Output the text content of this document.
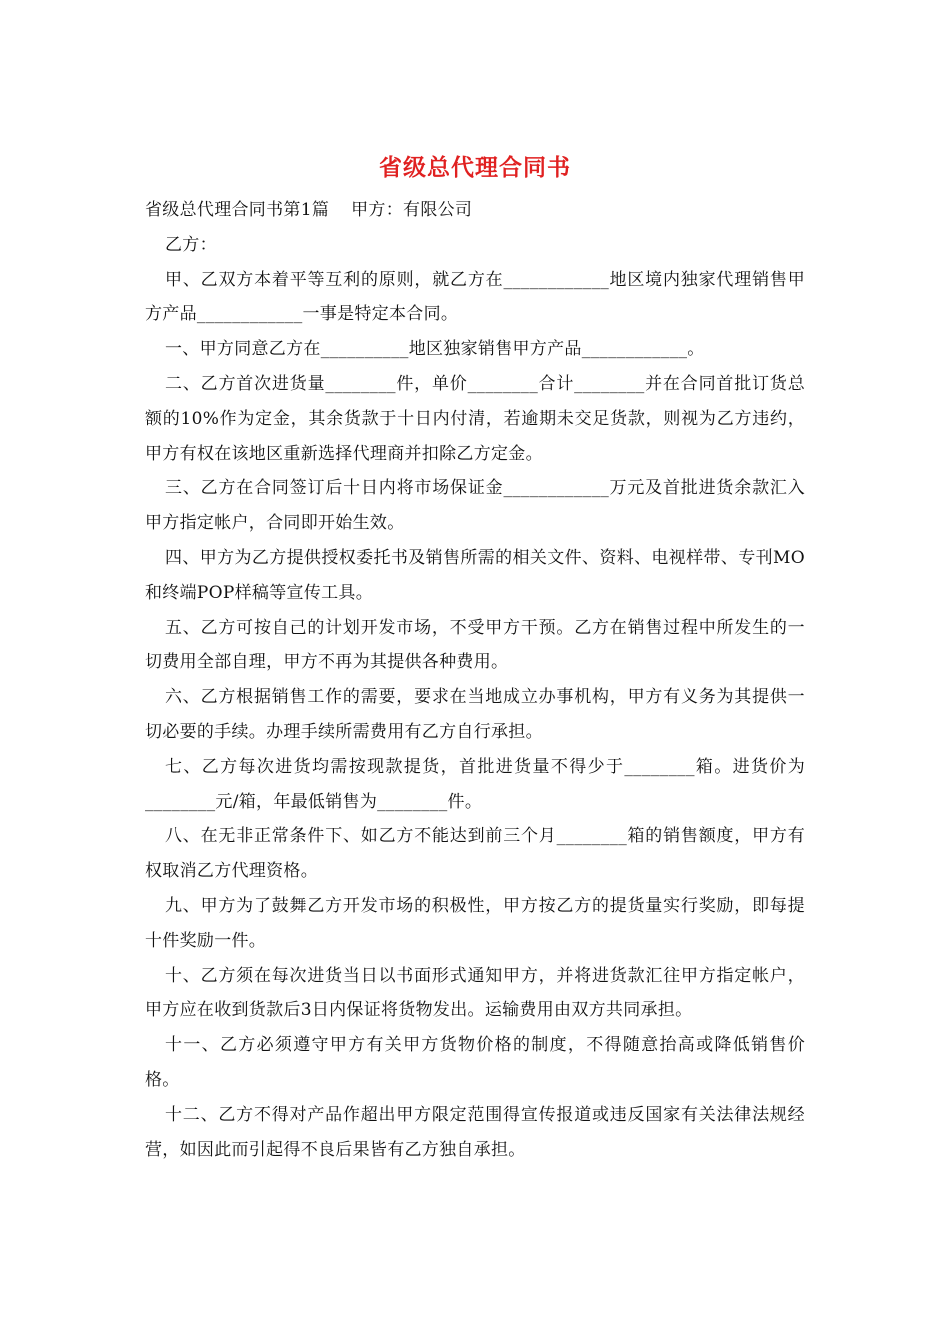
省级总代理合同书

省级总代理合同书第1篇 甲方：有限公司

乙方：

甲、乙双方本着平等互利的原则，就乙方在____________地区境内独家代理销售甲方产品____________一事是特定本合同。

一、甲方同意乙方在__________地区独家销售甲方产品____________。

二、乙方首次进货量________件，单价________合计________并在合同首批订货总额的10%作为定金，其余货款于十日内付清，若逾期未交足货款，则视为乙方违约，甲方有权在该地区重新选择代理商并扣除乙方定金。

三、乙方在合同签订后十日内将市场保证金____________万元及首批进货余款汇入甲方指定帐户，合同即开始生效。

四、甲方为乙方提供授权委托书及销售所需的相关文件、资料、电视样带、专刊MO和终端POP样稿等宣传工具。

五、乙方可按自己的计划开发市场，不受甲方干预。乙方在销售过程中所发生的一切费用全部自理，甲方不再为其提供各种费用。

六、乙方根据销售工作的需要，要求在当地成立办事机构，甲方有义务为其提供一切必要的手续。办理手续所需费用有乙方自行承担。

七、乙方每次进货均需按现款提货，首批进货量不得少于________箱。进货价为________元/箱，年最低销售为________件。

八、在无非正常条件下、如乙方不能达到前三个月________箱的销售额度，甲方有权取消乙方代理资格。

九、甲方为了鼓舞乙方开发市场的积极性，甲方按乙方的提货量实行奖励，即每提十件奖励一件。

十、乙方须在每次进货当日以书面形式通知甲方，并将进货款汇往甲方指定帐户，甲方应在收到货款后3日内保证将货物发出。运输费用由双方共同承担。

十一、乙方必须遵守甲方有关甲方货物价格的制度，不得随意抬高或降低销售价格。

十二、乙方不得对产品作超出甲方限定范围得宣传报道或违反国家有关法律法规经营，如因此而引起得不良后果皆有乙方独自承担。
